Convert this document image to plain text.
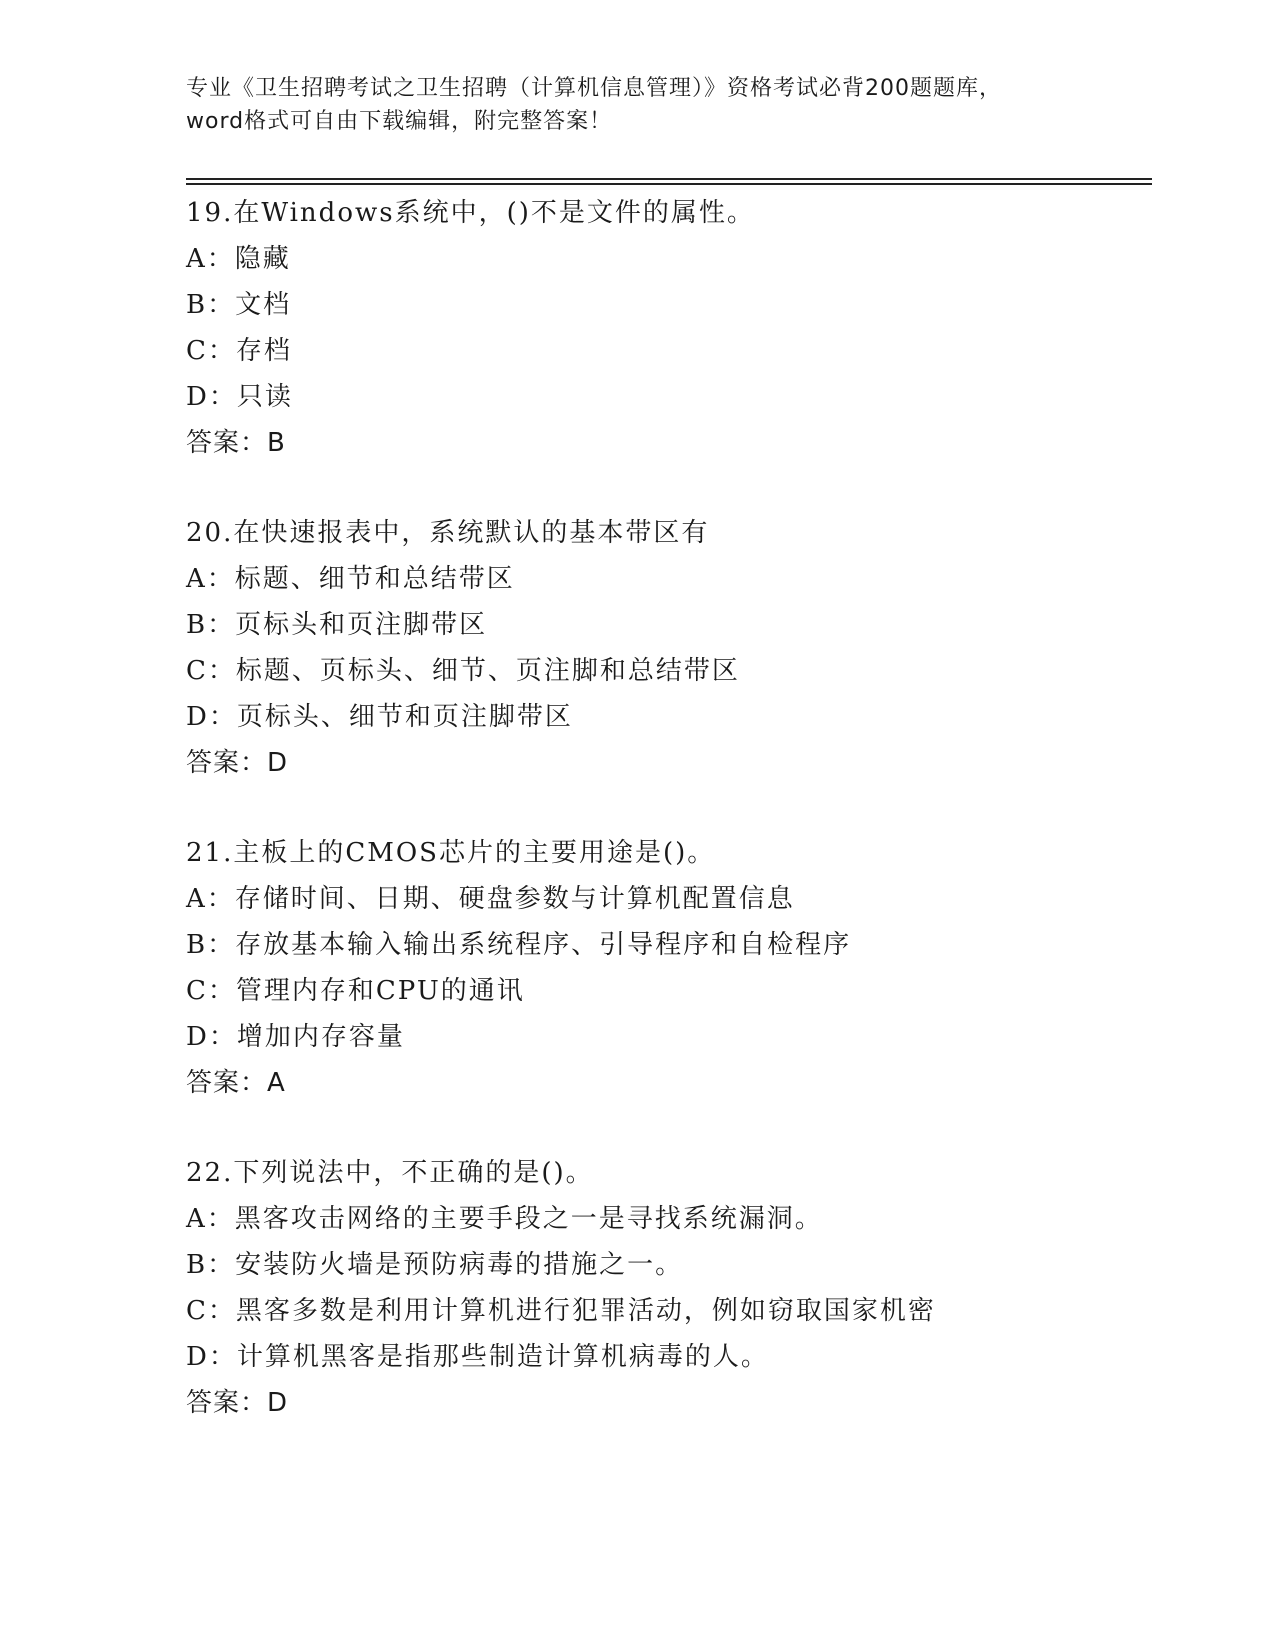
专业《卫生招聘考试之卫生招聘（计算机信息管理）》资格考试必背200题题库，
word格式可自由下载编辑，附完整答案！
19.在Windows系统中，()不是文件的属性。
A：隐藏
B：文档
C：存档
D：只读
答案：B
20.在快速报表中，系统默认的基本带区有
A：标题、细节和总结带区
B：页标头和页注脚带区
C：标题、页标头、细节、页注脚和总结带区
D：页标头、细节和页注脚带区
答案：D
21.主板上的CMOS芯片的主要用途是()。
A：存储时间、日期、硬盘参数与计算机配置信息
B：存放基本输入输出系统程序、引导程序和自检程序
C：管理内存和CPU的通讯
D：增加内存容量
答案：A
22.下列说法中，不正确的是()。
A：黑客攻击网络的主要手段之一是寻找系统漏洞。
B：安装防火墙是预防病毒的措施之一。
C：黑客多数是利用计算机进行犯罪活动，例如窃取国家机密
D：计算机黑客是指那些制造计算机病毒的人。
答案：D
